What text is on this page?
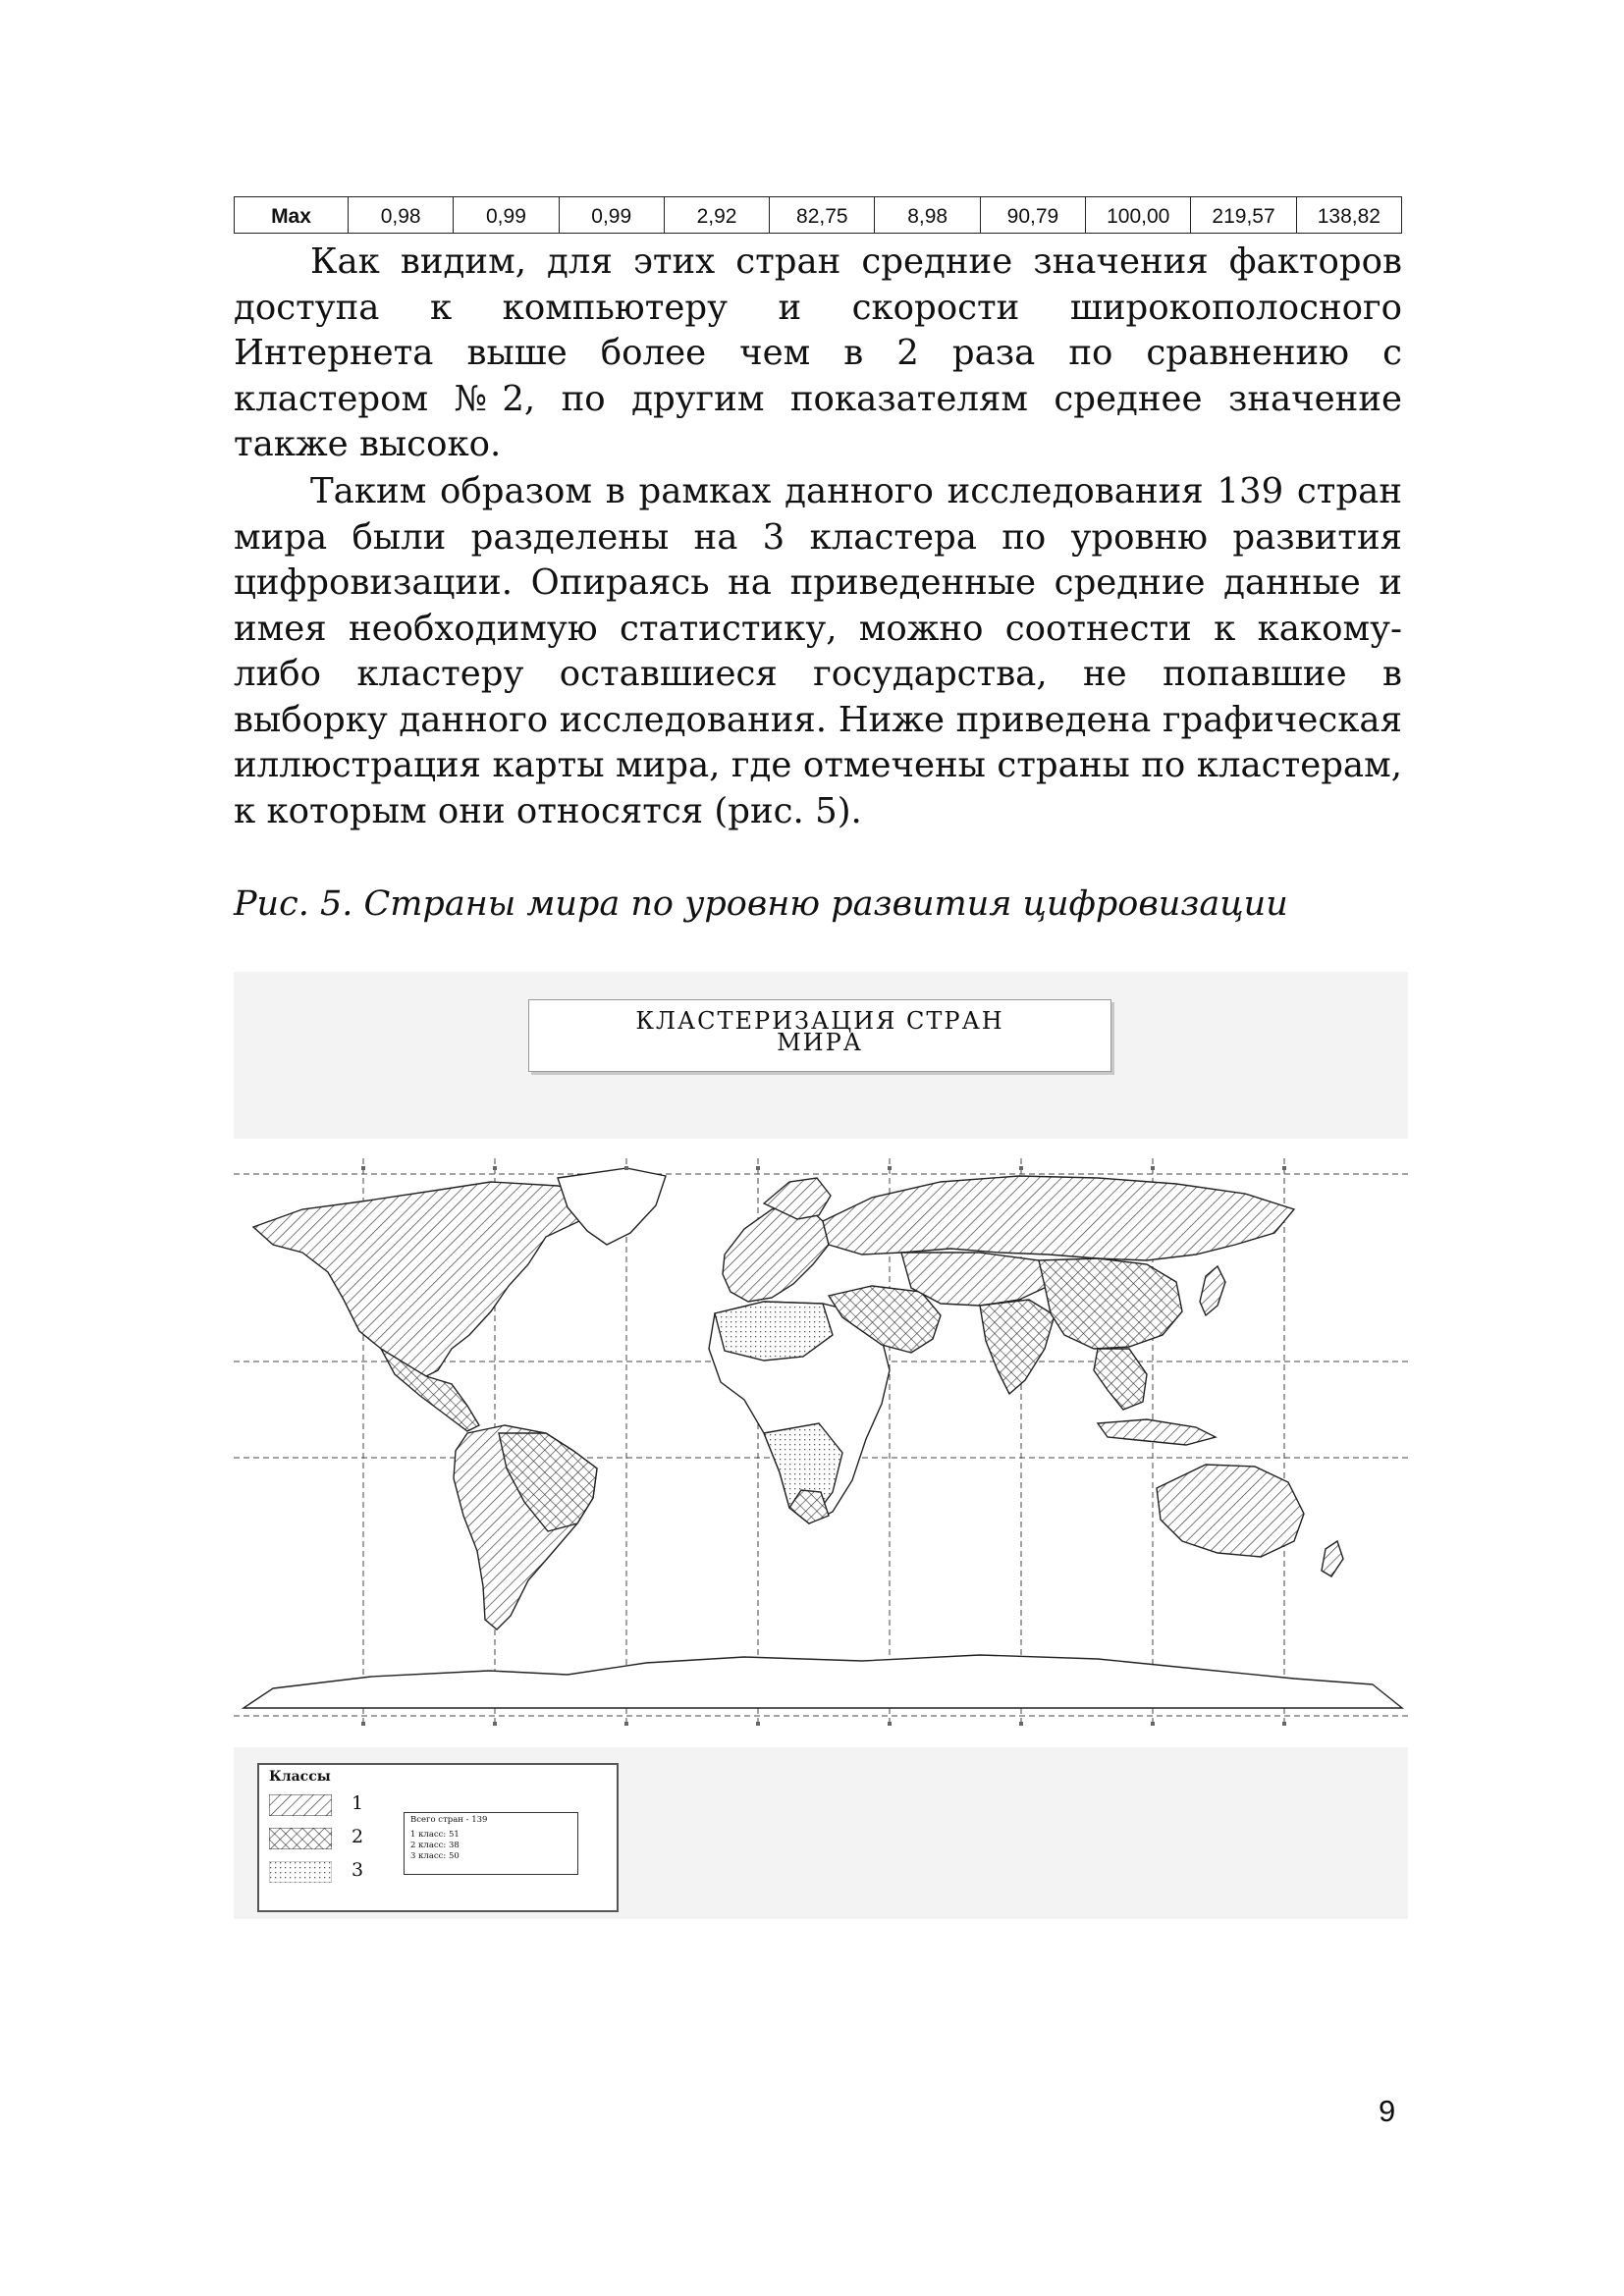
Max	0,98	0,99	0,99	2,92	82,75	8,98	90,79	100,00	219,57	138,82

Как видим, для этих стран средние значения факторов доступа к компьютеру и скорости широкополосного Интернета выше более чем в 2 раза по сравнению с кластером №2, по другим показателям среднее значение также высоко.

Таким образом в рамках данного исследования 139 стран мира были разделены на 3 кластера по уровню развития цифровизации. Опираясь на приведенные средние данные и имея необходимую статистику, можно соотнести к какому-либо кластеру оставшиеся государства, не попавшие в выборку данного исследования. Ниже приведена графическая иллюстрация карты мира, где отмечены страны по кластерам, к которым они относятся (рис. 5).

Рис. 5. Страны мира по уровню развития цифровизации

КЛАСТЕРИЗАЦИЯ СТРАН
МИРА
Классы
1
2
3
Всего стран - 139
1 класс: 51
2 класс: 38
3 класс: 50
9
